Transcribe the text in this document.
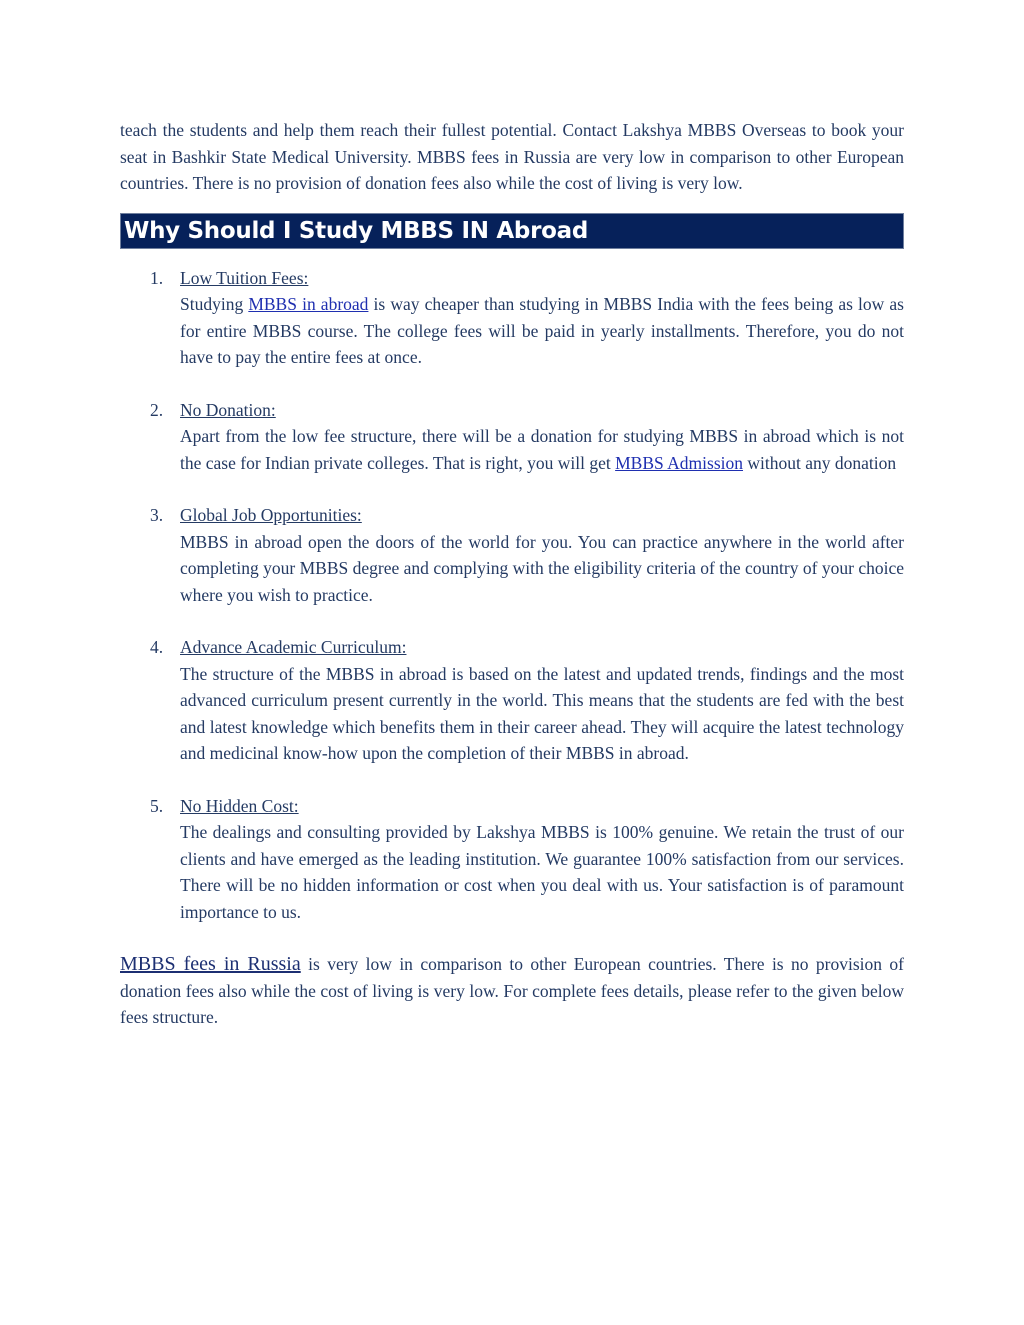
teach the students and help them reach their fullest potential. Contact Lakshya MBBS Overseas to book your seat in Bashkir State Medical University. MBBS fees in Russia are very low in comparison to other European countries. There is no provision of donation fees also while the cost of living is very low.

Why Should I Study MBBS IN Abroad
1. Low Tuition Fees:

Studying MBBS in abroad is way cheaper than studying in MBBS India with the fees being as low as for entire MBBS course. The college fees will be paid in yearly installments. Therefore, you do not have to pay the entire fees at once.

2. No Donation:

Apart from the low fee structure, there will be a donation for studying MBBS in abroad which is not the case for Indian private colleges. That is right, you will get MBBS Admission without any donation

3. Global Job Opportunities:

MBBS in abroad open the doors of the world for you. You can practice anywhere in the world after completing your MBBS degree and complying with the eligibility criteria of the country of your choice where you wish to practice.

4. Advance Academic Curriculum:

The structure of the MBBS in abroad is based on the latest and updated trends, findings and the most advanced curriculum present currently in the world. This means that the students are fed with the best and latest knowledge which benefits them in their career ahead. They will acquire the latest technology and medicinal know-how upon the completion of their MBBS in abroad.

5. No Hidden Cost:

The dealings and consulting provided by Lakshya MBBS is 100% genuine. We retain the trust of our clients and have emerged as the leading institution. We guarantee 100% satisfaction from our services. There will be no hidden information or cost when you deal with us. Your satisfaction is of paramount importance to us.

MBBS fees in Russia is very low in comparison to other European countries. There is no provision of donation fees also while the cost of living is very low. For complete fees details, please refer to the given below fees structure.
